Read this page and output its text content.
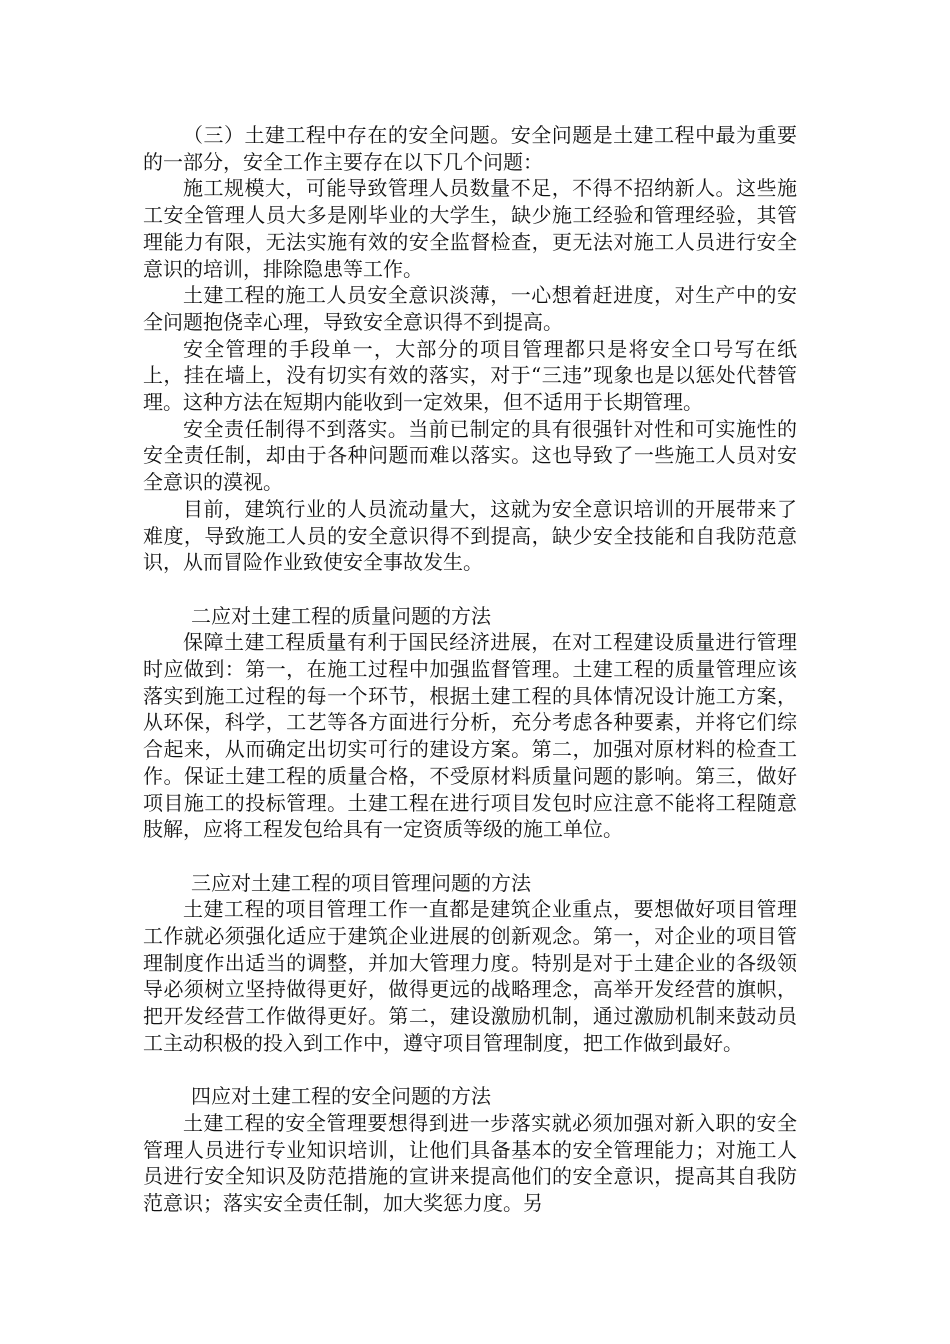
（三）土建工程中存在的安全问题。安全问题是土建工程中最为重要的一部分，安全工作主要存在以下几个问题：

施工规模大，可能导致管理人员数量不足，不得不招纳新人。这些施工安全管理人员大多是刚毕业的大学生，缺少施工经验和管理经验，其管理能力有限，无法实施有效的安全监督检查，更无法对施工人员进行安全意识的培训，排除隐患等工作。

土建工程的施工人员安全意识淡薄，一心想着赶进度，对生产中的安全问题抱侥幸心理，导致安全意识得不到提高。

安全管理的手段单一，大部分的项目管理都只是将安全口号写在纸上，挂在墙上，没有切实有效的落实，对于“三违”现象也是以惩处代替管理。这种方法在短期内能收到一定效果，但不适用于长期管理。

安全责任制得不到落实。当前已制定的具有很强针对性和可实施性的安全责任制，却由于各种问题而难以落实。这也导致了一些施工人员对安全意识的漠视。

目前，建筑行业的人员流动量大，这就为安全意识培训的开展带来了难度，导致施工人员的安全意识得不到提高，缺少安全技能和自我防范意识，从而冒险作业致使安全事故发生。

二应对土建工程的质量问题的方法

保障土建工程质量有利于国民经济进展，在对工程建设质量进行管理时应做到：第一，在施工过程中加强监督管理。土建工程的质量管理应该落实到施工过程的每一个环节，根据土建工程的具体情况设计施工方案，从环保，科学，工艺等各方面进行分析，充分考虑各种要素，并将它们综合起来，从而确定出切实可行的建设方案。第二，加强对原材料的检查工作。保证土建工程的质量合格，不受原材料质量问题的影响。第三，做好项目施工的投标管理。土建工程在进行项目发包时应注意不能将工程随意肢解，应将工程发包给具有一定资质等级的施工单位。

三应对土建工程的项目管理问题的方法

土建工程的项目管理工作一直都是建筑企业重点，要想做好项目管理工作就必须强化适应于建筑企业进展的创新观念。第一，对企业的项目管理制度作出适当的调整，并加大管理力度。特别是对于土建企业的各级领导必须树立坚持做得更好，做得更远的战略理念，高举开发经营的旗帜，把开发经营工作做得更好。第二，建设激励机制，通过激励机制来鼓动员工主动积极的投入到工作中，遵守项目管理制度，把工作做到最好。

四应对土建工程的安全问题的方法

土建工程的安全管理要想得到进一步落实就必须加强对新入职的安全管理人员进行专业知识培训，让他们具备基本的安全管理能力；对施工人员进行安全知识及防范措施的宣讲来提高他们的安全意识，提高其自我防范意识；落实安全责任制，加大奖惩力度。另
